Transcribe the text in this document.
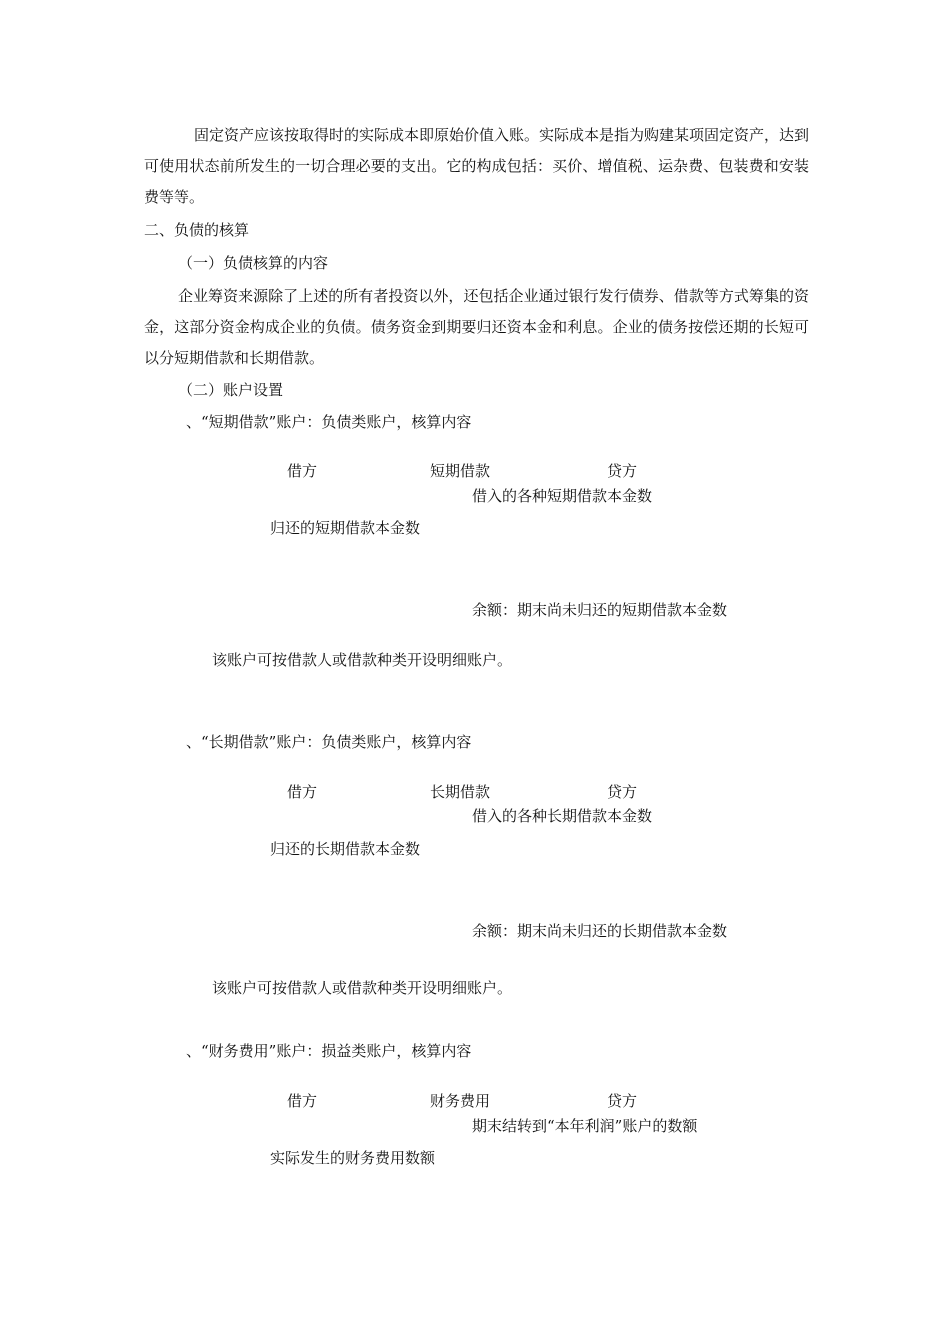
固定资产应该按取得时的实际成本即原始价值入账。实际成本是指为购建某项固定资产，达到可使用状态前所发生的一切合理必要的支出。它的构成包括：买价、增值税、运杂费、包装费和安装费等等。
二、负债的核算
（一）负债核算的内容
企业筹资来源除了上述的所有者投资以外，还包括企业通过银行发行债券、借款等方式筹集的资金，这部分资金构成企业的负债。债务资金到期要归还资本金和利息。企业的债务按偿还期的长短可以分短期借款和长期借款。
（二）账户设置
、“短期借款”账户：负债类账户，核算内容
借方	短期借款	贷方
借入的各种短期借款本金数
归还的短期借款本金数
余额：期末尚未归还的短期借款本金数
该账户可按借款人或借款种类开设明细账户。
、“长期借款”账户：负债类账户，核算内容
借方	长期借款	贷方
借入的各种长期借款本金数
归还的长期借款本金数
余额：期末尚未归还的长期借款本金数
该账户可按借款人或借款种类开设明细账户。
、“财务费用”账户：损益类账户，核算内容
借方	财务费用	贷方
期末结转到“本年利润”账户的数额
实际发生的财务费用数额
